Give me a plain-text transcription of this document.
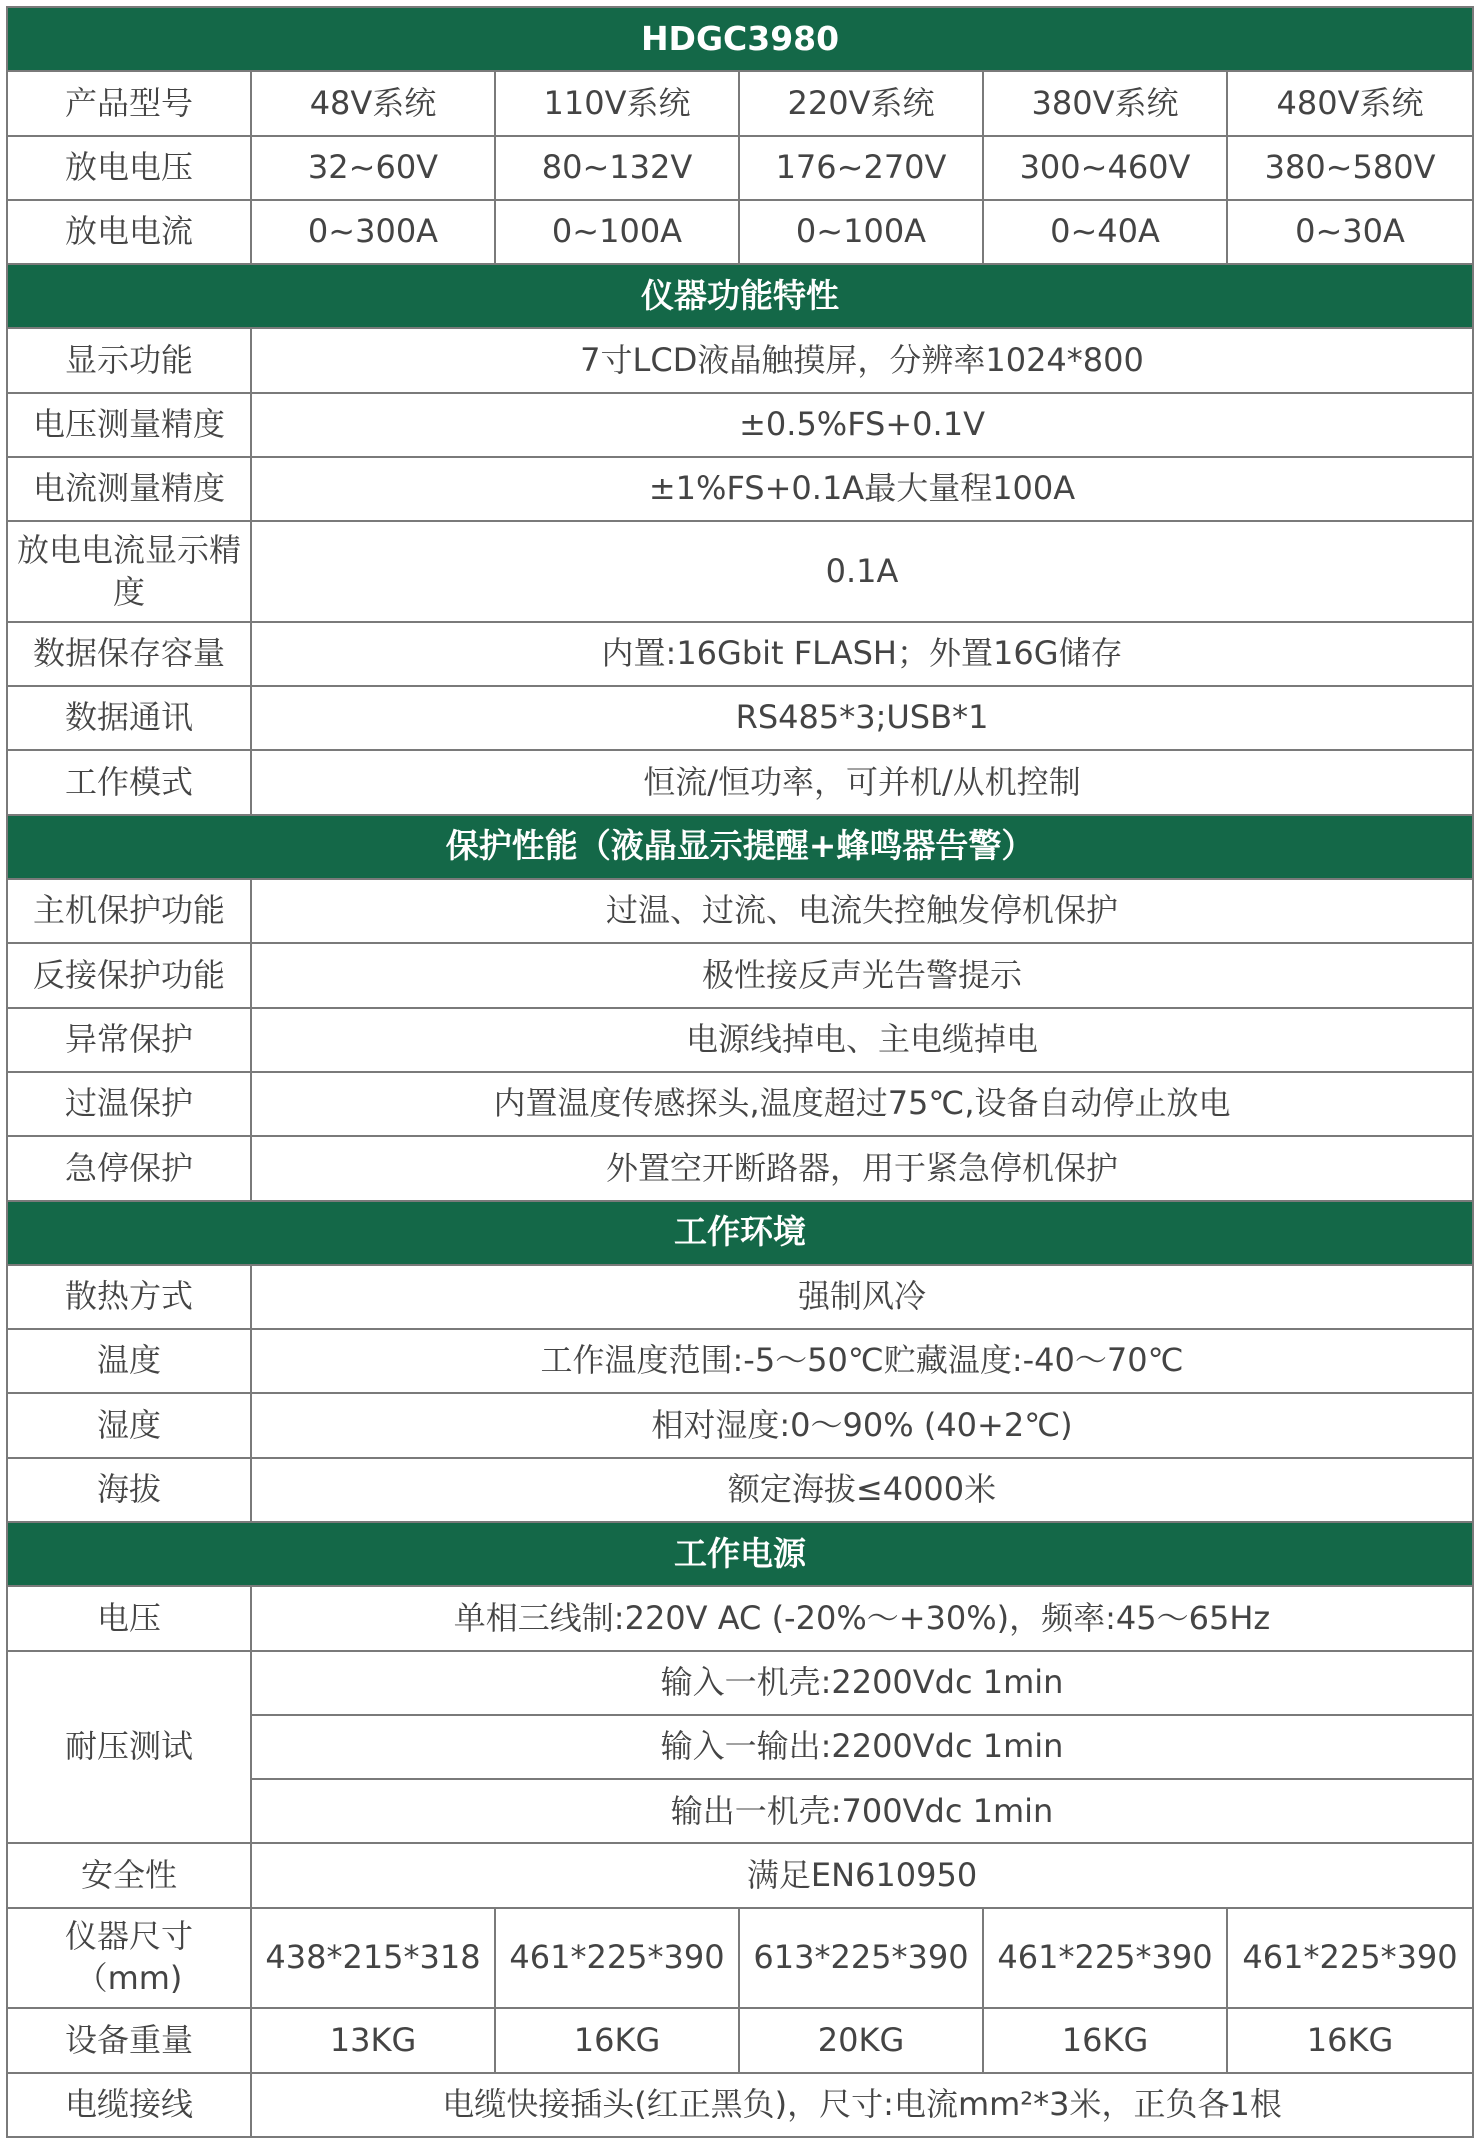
HDGC3980					
产品型号	48V系统	110V系统	220V系统	380V系统	480V系统
放电电压	32~60V	80~132V	176~270V	300~460V	380~580V
放电电流	0~300A	0~100A	0~100A	0~40A	0~30A
仪器功能特性					
显示功能	7寸LCD液晶触摸屏，分辨率1024*800				
电压测量精度	±0.5%FS+0.1V				
电流测量精度	±1%FS+0.1A最大量程100A				
放电电流显示精度	0.1A				
数据保存容量	内置:16Gbit FLASH；外置16G储存				
数据通讯	RS485*3;USB*1				
工作模式	恒流/恒功率，可并机/从机控制				
保护性能（液晶显示提醒+蜂鸣器告警）					
主机保护功能	过温、过流、电流失控触发停机保护				
反接保护功能	极性接反声光告警提示				
异常保护	电源线掉电、主电缆掉电				
过温保护	内置温度传感探头,温度超过75℃,设备自动停止放电				
急停保护	外置空开断路器，用于紧急停机保护				
工作环境					
散热方式	强制风冷				
温度	工作温度范围:-5～50℃贮藏温度:-40～70℃				
湿度	相对湿度:0～90% (40+2℃)				
海拔	额定海拔≤4000米				
工作电源					
电压	单相三线制:220V AC (-20%～+30%)，频率:45～65Hz				
耐压测试	输入一机壳:2200Vdc 1min				
	输入一输出:2200Vdc 1min				
	输出一机壳:700Vdc 1min				
安全性	满足EN610950				
仪器尺寸（mm)	438*215*318	461*225*390	613*225*390	461*225*390	461*225*390
设备重量	13KG	16KG	20KG	16KG	16KG
电缆接线	电缆快接插头(红正黑负)，尺寸:电流mm²*3米，正负各1根				
